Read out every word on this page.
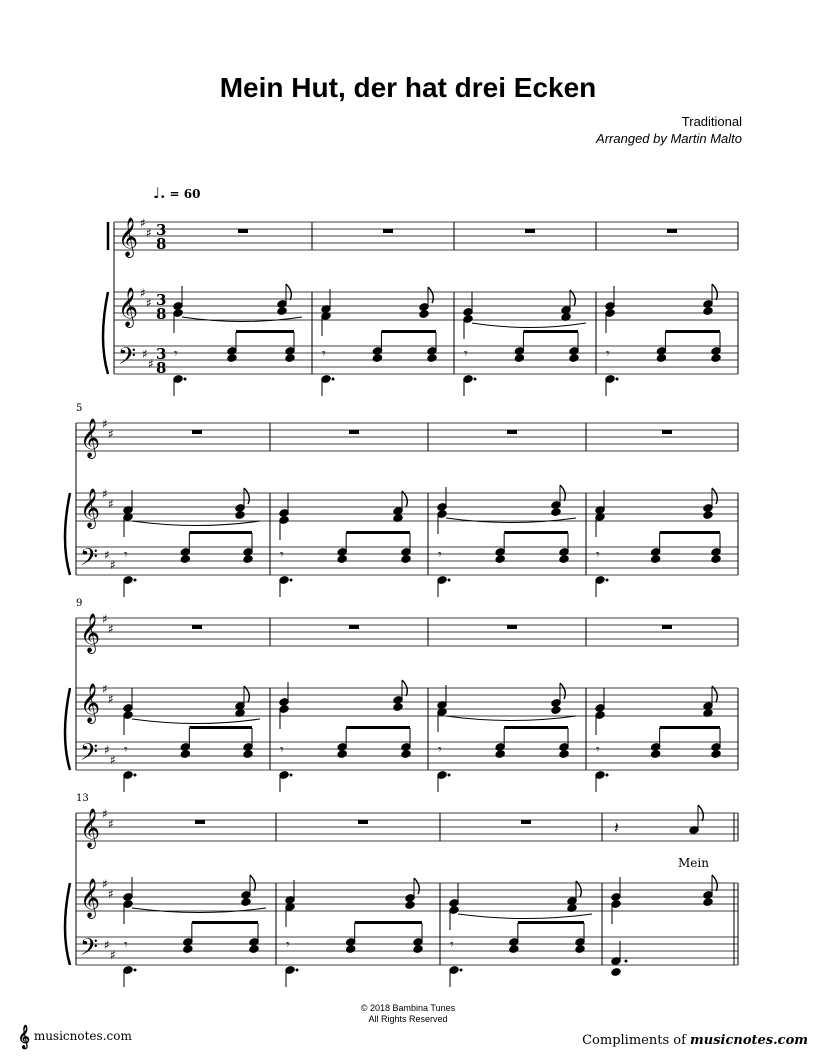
Mein Hut, der hat drei Ecken
Traditional
Arranged by Martin Malto
♩. = 60
𝄞
𝄞
𝄢
♯
♯
♯
♯
♯
♯
3
8
3
8
3
8
𝄾	𝄾	𝄾	𝄾
𝄞
𝄞
𝄢
♯
♯
♯
♯
♯
♯
5
𝄾	𝄾	𝄾	𝄾
𝄞
𝄞
𝄢
♯
♯
♯
♯
♯
♯
9
𝄾	𝄾	𝄾	𝄾
𝄞
𝄞
𝄢
♯
♯
♯
♯
♯
♯
13
𝄾	𝄾	𝄾
𝄽
Mein
© 2018 Bambina Tunes
All Rights Reserved
𝄞 musicnotes.com	Compliments of musicnotes.com
